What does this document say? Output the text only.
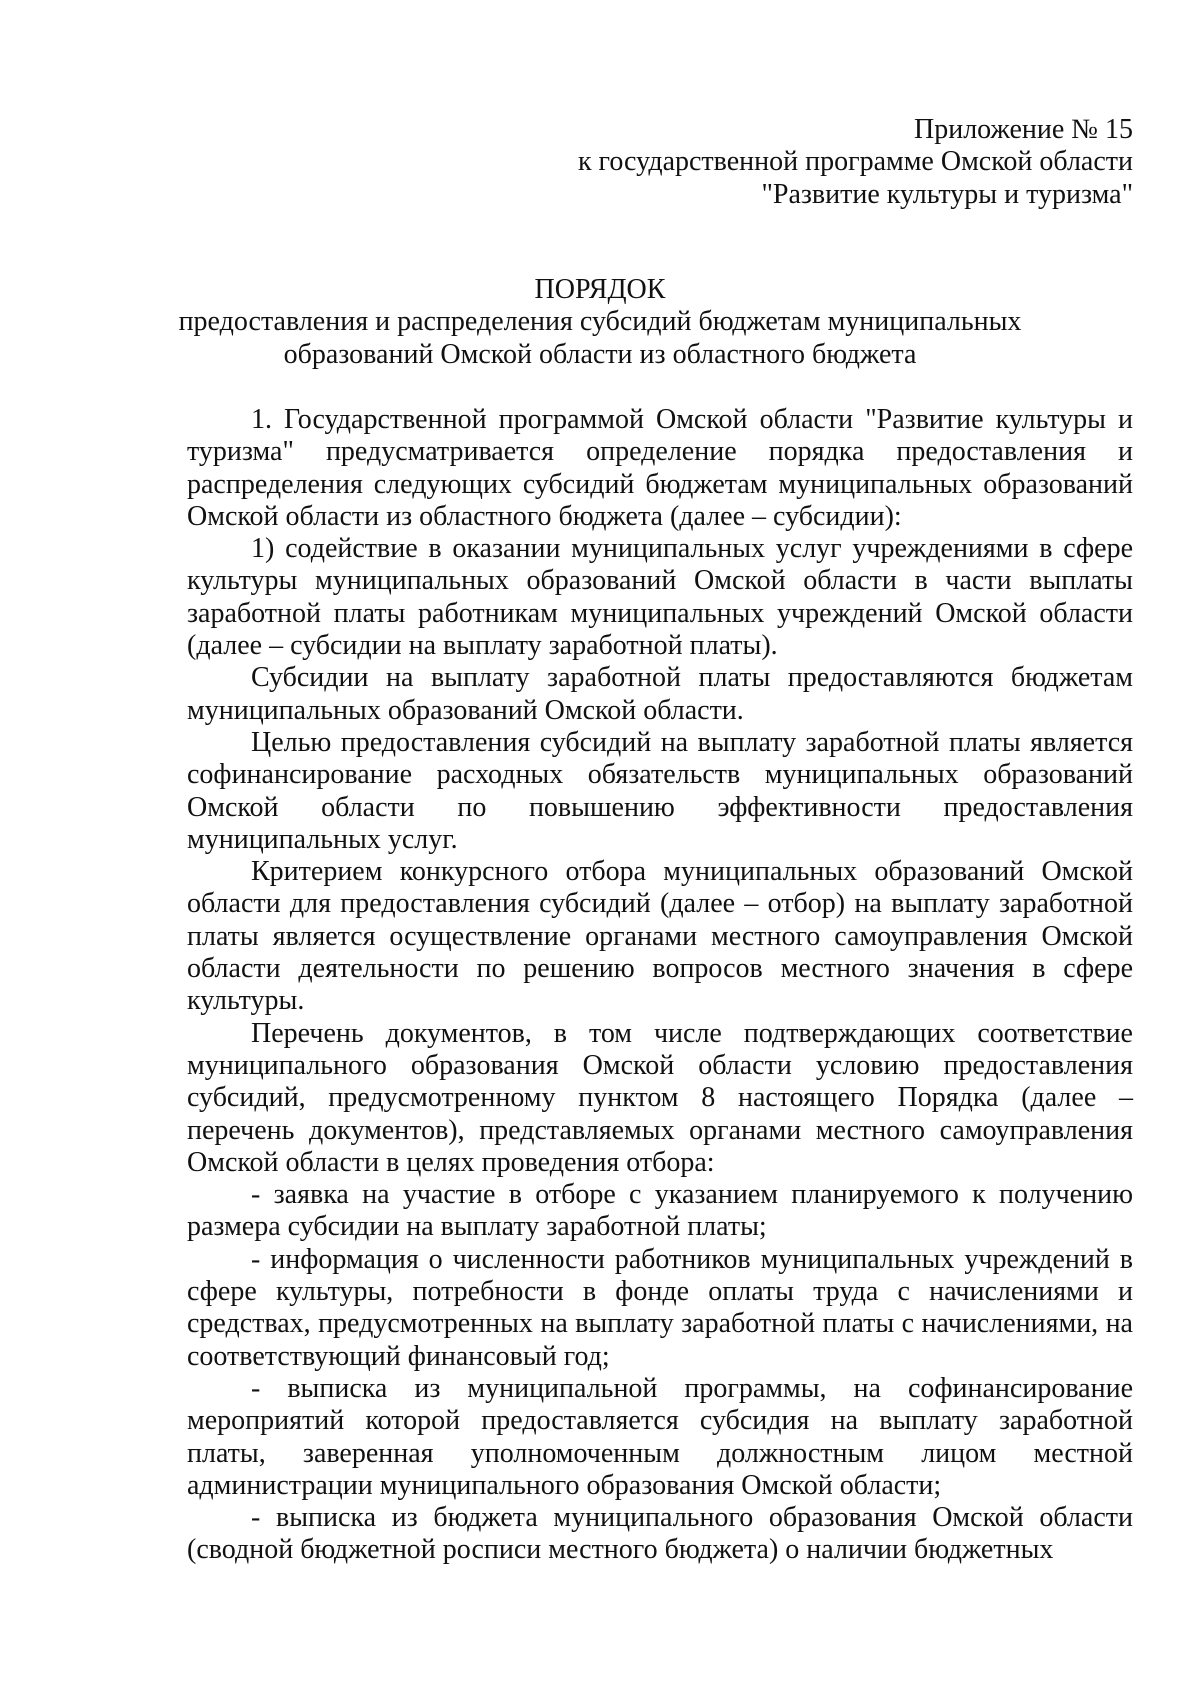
Приложение № 15
к государственной программе Омской области
"Развитие культуры и туризма"
ПОРЯДОК
предоставления и распределения субсидий бюджетам муниципальных
образований Омской области из областного бюджета

1. Государственной программой Омской области "Развитие культуры и туризма" предусматривается определение порядка предоставления и распределения следующих субсидий бюджетам муниципальных образований Омской области из областного бюджета (далее – субсидии):

1) содействие в оказании муниципальных услуг учреждениями в сфере культуры муниципальных образований Омской области в части выплаты заработной платы работникам муниципальных учреждений Омской области (далее – субсидии на выплату заработной платы).

Субсидии на выплату заработной платы предоставляются бюджетам муниципальных образований Омской области.

Целью предоставления субсидий на выплату заработной платы является софинансирование расходных обязательств муниципальных образований Омской области по повышению эффективности предоставления муниципальных услуг.

Критерием конкурсного отбора муниципальных образований Омской области для предоставления субсидий (далее – отбор) на выплату заработной платы является осуществление органами местного самоуправления Омской области деятельности по решению вопросов местного значения в сфере культуры.

Перечень документов, в том числе подтверждающих соответствие муниципального образования Омской области условию предоставления субсидий, предусмотренному пунктом 8 настоящего Порядка (далее – перечень документов), представляемых органами местного самоуправления Омской области в целях проведения отбора:

- заявка на участие в отборе с указанием планируемого к получению размера субсидии на выплату заработной платы;

- информация о численности работников муниципальных учреждений в сфере культуры, потребности в фонде оплаты труда с начислениями и средствах, предусмотренных на выплату заработной платы с начислениями, на соответствующий финансовый год;

- выписка из муниципальной программы, на софинансирование мероприятий которой предоставляется субсидия на выплату заработной платы, заверенная уполномоченным должностным лицом местной администрации муниципального образования Омской области;

- выписка из бюджета муниципального образования Омской области (сводной бюджетной росписи местного бюджета) о наличии бюджетных
